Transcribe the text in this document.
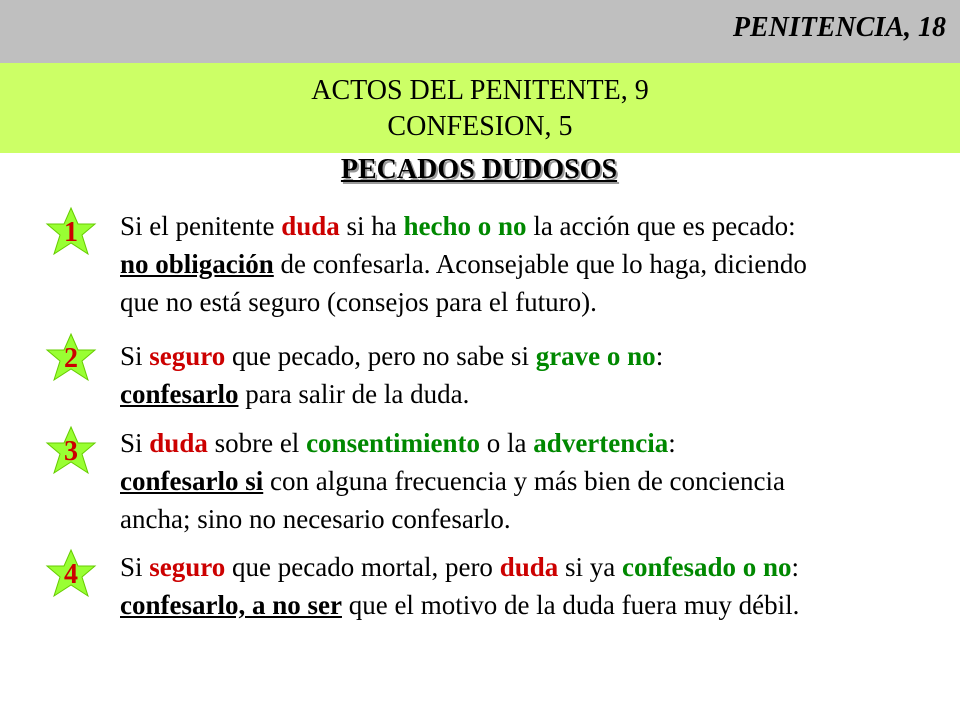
PENITENCIA, 18
ACTOS DEL PENITENTE, 9
CONFESION, 5
PECADOS DUDOSOS
1	Si el penitente duda si ha hecho o no la acción que es pecado:
no obligación de confesarla. Aconsejable que lo haga, diciendo
que no está seguro (consejos para el futuro).
2	Si seguro que pecado, pero no sabe si grave o no:
confesarlo para salir de la duda.
3	Si duda sobre el consentimiento o la advertencia:
confesarlo si con alguna frecuencia y más bien de conciencia
ancha; sino no necesario confesarlo.
4	Si seguro que pecado mortal, pero duda si ya confesado o no:
confesarlo, a no ser que el motivo de la duda fuera muy débil.
